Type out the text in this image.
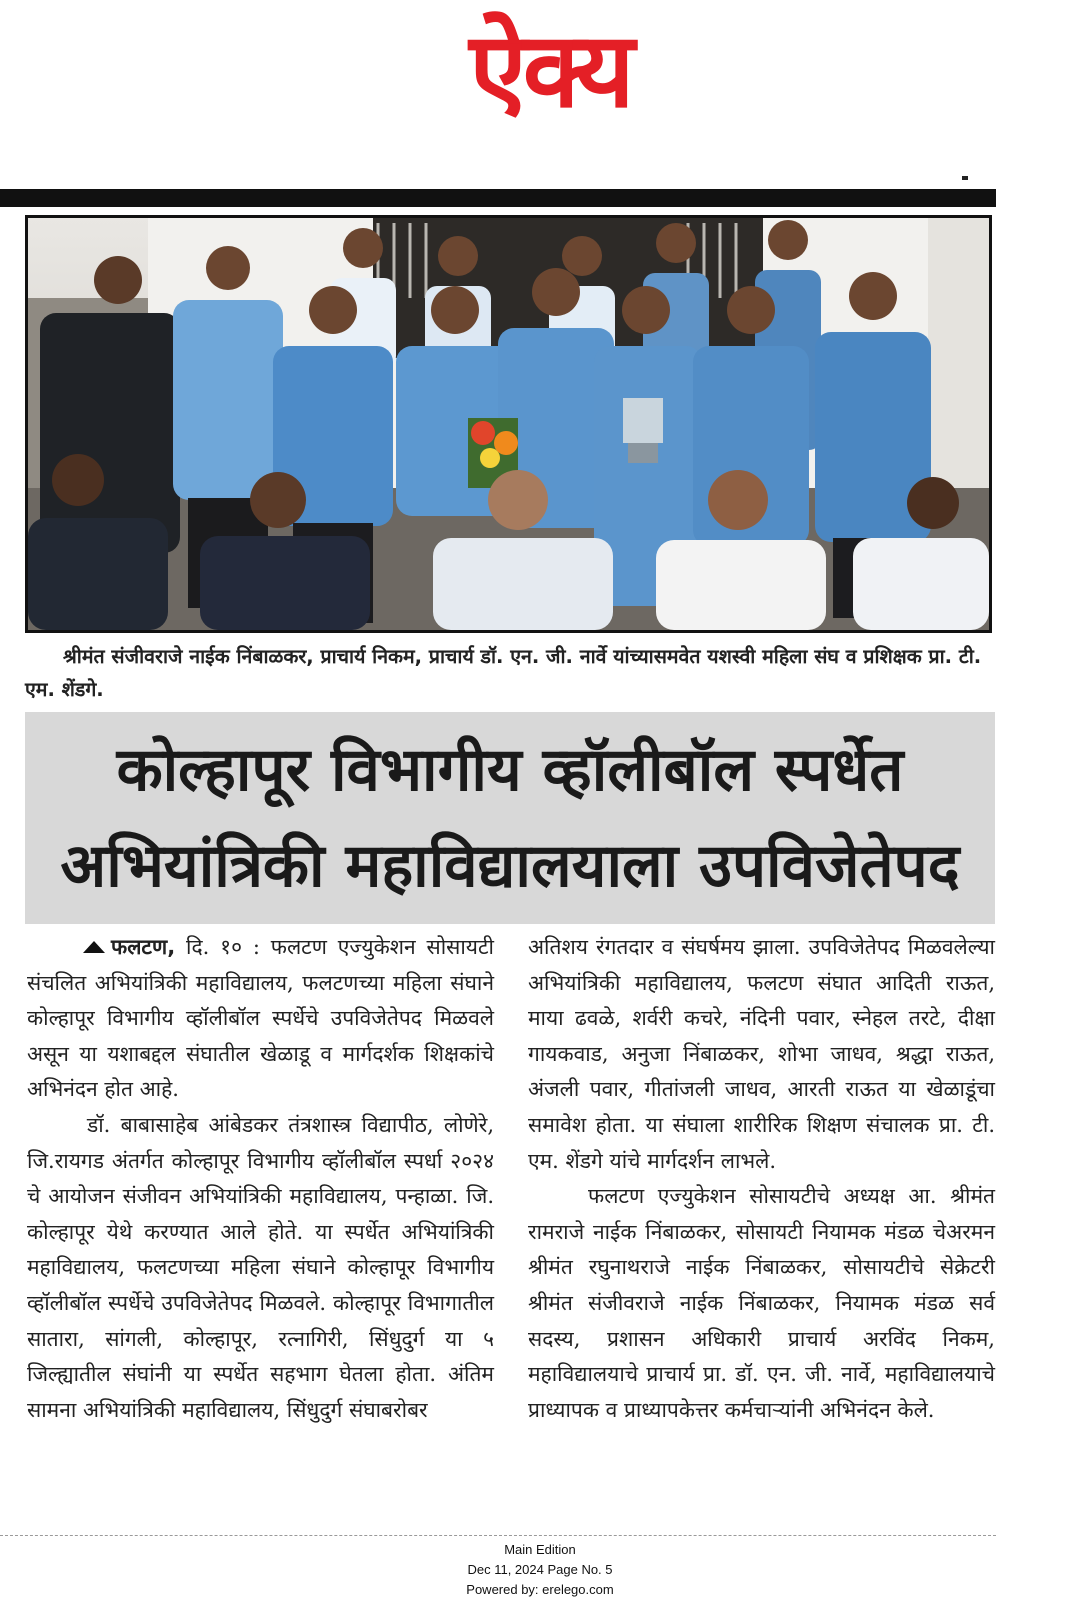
ऐक्य
श्रीमंत संजीवराजे नाईक निंबाळकर, प्राचार्य निकम, प्राचार्य डॉ. एन. जी. नार्वे यांच्यासमवेत यशस्वी महिला संघ व प्रशिक्षक प्रा. टी. एम. शेंडगे.
कोल्हापूर विभागीय व्हॉलीबॉल स्पर्धेत
अभियांत्रिकी महाविद्यालयाला उपविजेतेपद

फलटण, दि. १० : फलटण एज्युकेशन सोसायटी संचलित अभियांत्रिकी महाविद्यालय, फलटणच्या महिला संघाने कोल्हापूर विभागीय व्हॉलीबॉल स्पर्धेचे उपविजेतेपद मिळवले असून या यशाबद्दल संघातील खेळाडू व मार्गदर्शक शिक्षकांचे अभिनंदन होत आहे.

डॉ. बाबासाहेब आंबेडकर तंत्रशास्त्र विद्यापीठ, लोणेरे, जि.रायगड अंतर्गत कोल्हापूर विभागीय व्हॉलीबॉल स्पर्धा २०२४ चे आयोजन संजीवन अभियांत्रिकी महाविद्यालय, पन्हाळा. जि. कोल्हापूर येथे करण्यात आले होते. या स्पर्धेत अभियांत्रिकी महाविद्यालय, फलटणच्या महिला संघाने कोल्हापूर विभागीय व्हॉलीबॉल स्पर्धेचे उपविजेतेपद मिळवले. कोल्हापूर विभागातील सातारा, सांगली, कोल्हापूर, रत्नागिरी, सिंधुदुर्ग या ५ जिल्ह्यातील संघांनी या स्पर्धेत सहभाग घेतला होता. अंतिम सामना अभियांत्रिकी महाविद्यालय, सिंधुदुर्ग संघाबरोबर

अतिशय रंगतदार व संघर्षमय झाला. उपविजेतेपद मिळवलेल्या अभियांत्रिकी महाविद्यालय, फलटण संघात आदिती राऊत, माया ढवळे, शर्वरी कचरे, नंदिनी पवार, स्नेहल तरटे, दीक्षा गायकवाड, अनुजा निंबाळकर, शोभा जाधव, श्रद्धा राऊत, अंजली पवार, गीतांजली जाधव, आरती राऊत या खेळाडूंचा समावेश होता. या संघाला शारीरिक शिक्षण संचालक प्रा. टी. एम. शेंडगे यांचे मार्गदर्शन लाभले.

फलटण एज्युकेशन सोसायटीचे अध्यक्ष आ. श्रीमंत रामराजे नाईक निंबाळकर, सोसायटी नियामक मंडळ चेअरमन श्रीमंत रघुनाथराजे नाईक निंबाळकर, सोसायटीचे सेक्रेटरी श्रीमंत संजीवराजे नाईक निंबाळकर, नियामक मंडळ सर्व सदस्य, प्रशासन अधिकारी प्राचार्य अरविंद निकम, महाविद्यालयाचे प्राचार्य प्रा. डॉ. एन. जी. नार्वे, महाविद्यालयाचे प्राध्यापक व प्राध्यापकेत्तर कर्मचाऱ्यांनी अभिनंदन केले.

Main Edition
Dec 11, 2024 Page No. 5
Powered by: erelego.com
